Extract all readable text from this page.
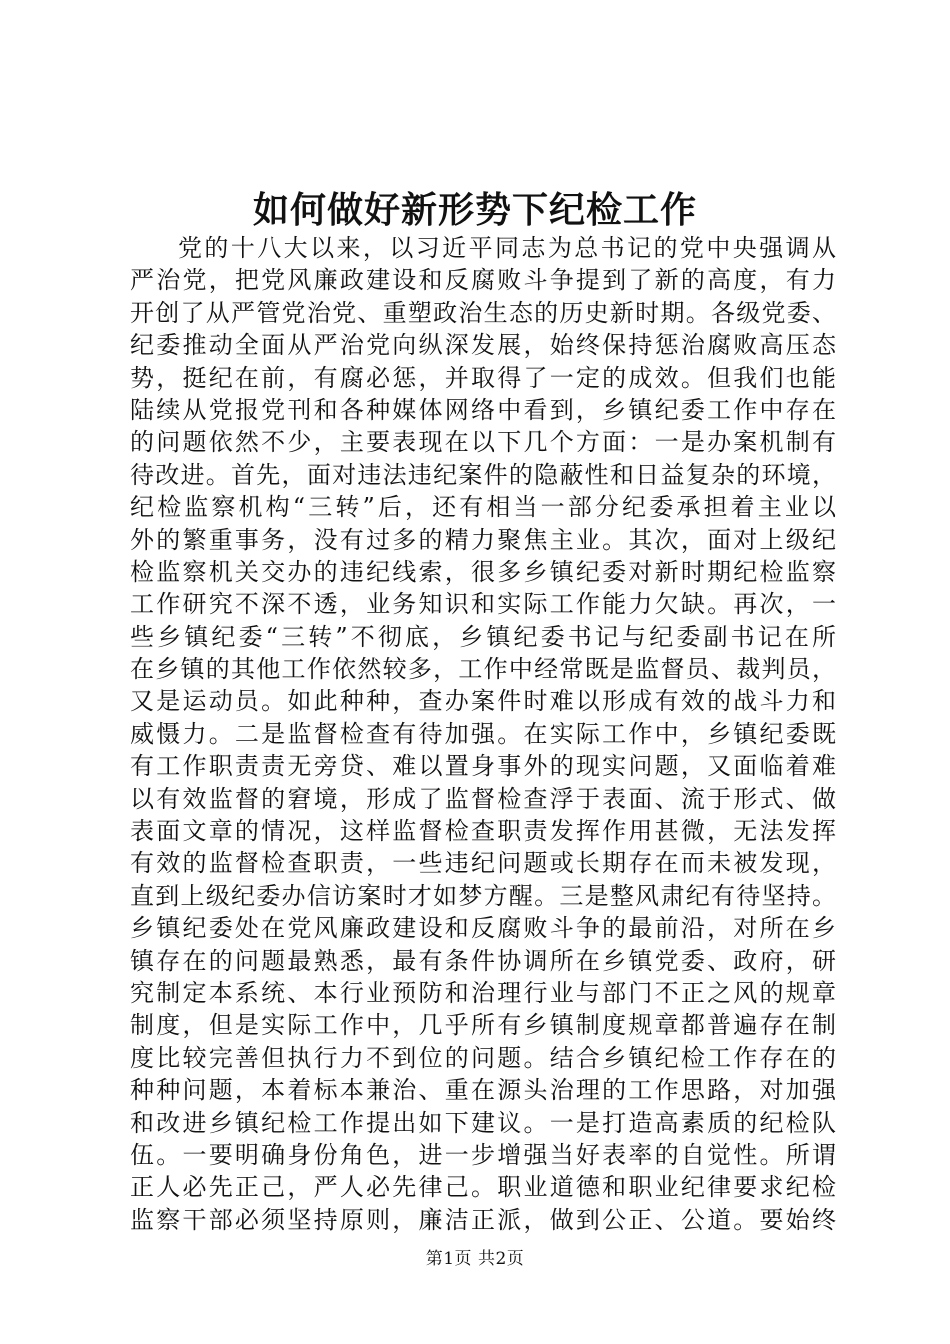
如何做好新形势下纪检工作
党的十八大以来，以习近平同志为总书记的党中央强调从
严治党，把党风廉政建设和反腐败斗争提到了新的高度，有力
开创了从严管党治党、重塑政治生态的历史新时期。各级党委、
纪委推动全面从严治党向纵深发展，始终保持惩治腐败高压态
势，挺纪在前，有腐必惩，并取得了一定的成效。但我们也能
陆续从党报党刊和各种媒体网络中看到，乡镇纪委工作中存在
的问题依然不少，主要表现在以下几个方面：一是办案机制有
待改进。首先，面对违法违纪案件的隐蔽性和日益复杂的环境，
纪检监察机构“三转”后，还有相当一部分纪委承担着主业以
外的繁重事务，没有过多的精力聚焦主业。其次，面对上级纪
检监察机关交办的违纪线索，很多乡镇纪委对新时期纪检监察
工作研究不深不透，业务知识和实际工作能力欠缺。再次，一
些乡镇纪委“三转”不彻底，乡镇纪委书记与纪委副书记在所
在乡镇的其他工作依然较多，工作中经常既是监督员、裁判员，
又是运动员。如此种种，查办案件时难以形成有效的战斗力和
威慑力。二是监督检查有待加强。在实际工作中，乡镇纪委既
有工作职责责无旁贷、难以置身事外的现实问题，又面临着难
以有效监督的窘境，形成了监督检查浮于表面、流于形式、做
表面文章的情况，这样监督检查职责发挥作用甚微，无法发挥
有效的监督检查职责，一些违纪问题或长期存在而未被发现，
直到上级纪委办信访案时才如梦方醒。三是整风肃纪有待坚持。
乡镇纪委处在党风廉政建设和反腐败斗争的最前沿，对所在乡
镇存在的问题最熟悉，最有条件协调所在乡镇党委、政府，研
究制定本系统、本行业预防和治理行业与部门不正之风的规章
制度，但是实际工作中，几乎所有乡镇制度规章都普遍存在制
度比较完善但执行力不到位的问题。结合乡镇纪检工作存在的
种种问题，本着标本兼治、重在源头治理的工作思路，对加强
和改进乡镇纪检工作提出如下建议。一是打造高素质的纪检队
伍。一要明确身份角色，进一步增强当好表率的自觉性。所谓
正人必先正己，严人必先律己。职业道德和职业纪律要求纪检
监察干部必须坚持原则，廉洁正派，做到公正、公道。要始终
第1页 共2页
